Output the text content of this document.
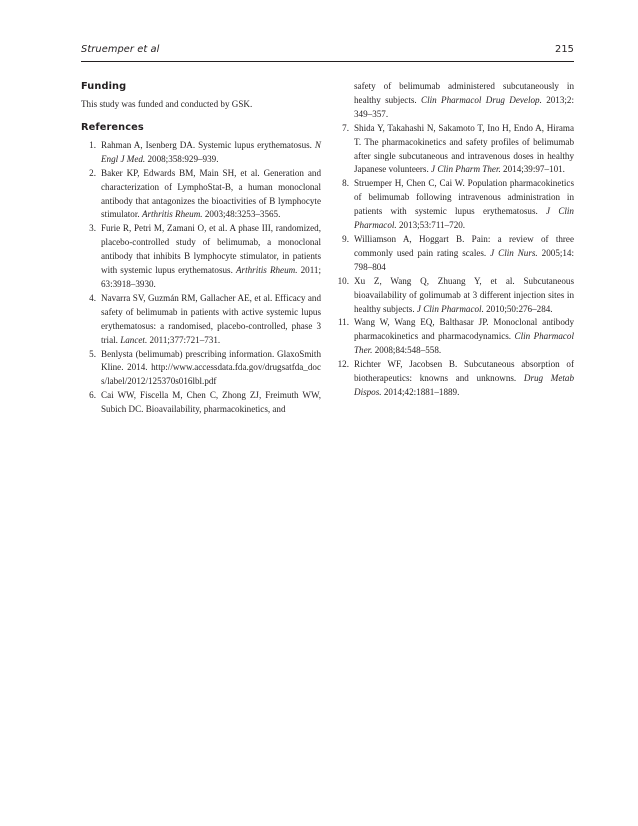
Struemper et al	215
Funding

This study was funded and conducted by GSK.

References
1. Rahman A, Isenberg DA. Systemic lupus erythematosus. N Engl J Med. 2008;358:929–939.
2. Baker KP, Edwards BM, Main SH, et al. Generation and characterization of LymphoStat-B, a human monoclonal antibody that antagonizes the bioactivities of B lymphocyte stimulator. Arthritis Rheum. 2003;48:3253–3565.
3. Furie R, Petri M, Zamani O, et al. A phase III, randomized, placebo-controlled study of belimumab, a monoclonal antibody that inhibits B lymphocyte stimulator, in patients with systemic lupus erythematosus. Arthritis Rheum. 2011; 63:3918–3930.
4. Navarra SV, Guzmán RM, Gallacher AE, et al. Efficacy and safety of belimumab in patients with active systemic lupus erythematosus: a randomised, placebo-controlled, phase 3 trial. Lancet. 2011;377:721–731.
5. Benlysta (belimumab) prescribing information. GlaxoSmithKline. 2014. http://www.accessdata.fda.gov/drugsatfda_docs/label/2012/125370s016lbl.pdf
6. Cai WW, Fiscella M, Chen C, Zhong ZJ, Freimuth WW, Subich DC. Bioavailability, pharmacokinetics, and
safety of belimumab administered subcutaneously in healthy subjects. Clin Pharmacol Drug Develop. 2013;2: 349–357.
7. Shida Y, Takahashi N, Sakamoto T, Ino H, Endo A, Hirama T. The pharmacokinetics and safety profiles of belimumab after single subcutaneous and intravenous doses in healthy Japanese volunteers. J Clin Pharm Ther. 2014;39:97–101.
8. Struemper H, Chen C, Cai W. Population pharmacokinetics of belimumab following intravenous administration in patients with systemic lupus erythematosus. J Clin Pharmacol. 2013;53:711–720.
9. Williamson A, Hoggart B. Pain: a review of three commonly used pain rating scales. J Clin Nurs. 2005;14: 798–804
10. Xu Z, Wang Q, Zhuang Y, et al. Subcutaneous bioavailability of golimumab at 3 different injection sites in healthy subjects. J Clin Pharmacol. 2010;50:276–284.
11. Wang W, Wang EQ, Balthasar JP. Monoclonal antibody pharmacokinetics and pharmacodynamics. Clin Pharmacol Ther. 2008;84:548–558.
12. Richter WF, Jacobsen B. Subcutaneous absorption of biotherapeutics: knowns and unknowns. Drug Metab Dispos. 2014;42:1881–1889.
